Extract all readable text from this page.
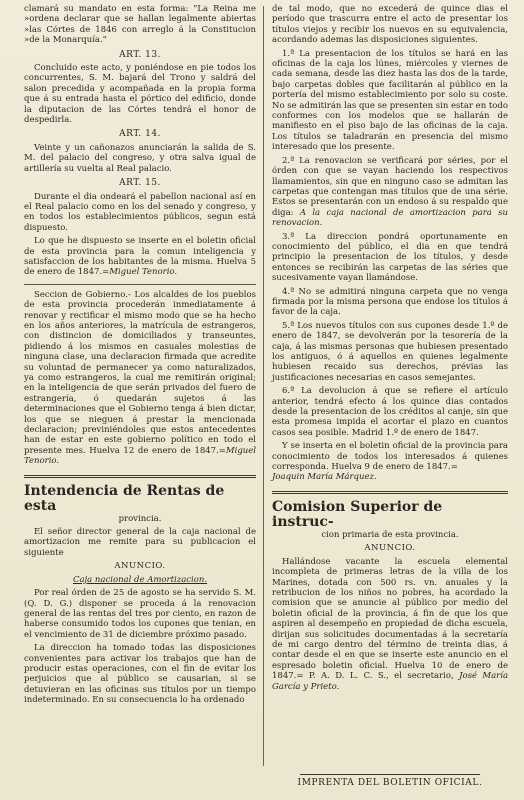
clamará su mandato en esta forma: "La Reina me »ordena declarar que se hallan legalmente abiertas »las Córtes de 1846 con arreglo á la Constitucion »de la Monarquía."

ART. 13.

Concluido este acto, y poniéndose en pie todos los concurrentes, S. M. bajará del Trono y saldrá del salon precedida y acompañada en la propia forma que á su entrada hasta el pórtico del edificio, donde la diputacion de las Córtes tendrá el honor de despedirla.

ART. 14.

Veinte y un cañonazos anunciarán la salida de S. M. del palacio del congreso, y otra salva igual de artillería su vuelta al Real palacio.

ART. 15.

Durante el dia ondeará el pabellon nacional así en el Real palacio como en los del senado y congreso, y en todos los establecimientos públicos, segun está dispuesto.

Lo que he dispuesto se inserte en el boletin oficial de esta provincia para la comun inteligencia y satisfaccion de los habitantes de la misma. Huelva 5 de enero de 1847.=Miguel Tenorio.

Seccion de Gobierno.- Los alcaldes de los pueblos de esta provincia procederán inmediatamente á renovar y rectificar el mismo modo que se ha hecho en los años anteriores, la matrícula de estrangeros, con distincion de domiciliados y transeuntes, pidiendo á los mismos en casuales molestias de ninguna clase, una declaracion firmada que acredite su voluntad de permanecer ya como naturalizados, ya como estrangeros, la cual me remitirán original; en la inteligencia de que serán privados del fuero de estrangería, ó quedarán sujetos á las determinaciones que el Gobierno tenga á bien dictar, los que se nieguen á prestar la mencionada declaracion; previniéndoles que estos antecedentes han de estar en este gobierno político en todo el presente mes. Huelva 12 de enero de 1847.=Miguel Tenorio.

Intendencia de Rentas de esta
provincia.

El señor director general de la caja nacional de amortizacion me remite para su publicacion el siguiente

ANUNCIO.
Caja nacional de Amortizacion.

Por real órden de 25 de agosto se ha servido S. M. (Q. D. G.) disponer se proceda á la renovacion general de las rentas del tres por ciento, en razon de haberse consumido todos los cupones que tenian, en el vencimiento de 31 de diciembre próximo pasado.

La direccion ha tomado todas las disposiciones convenientes para activar los trabajos que han de producir estas operaciones, con el fin de evitar los perjuicios que al público se causarian, si se detuvieran en las oficinas sus títulos por un tiempo indeterminado. En su consecuencia lo ha ordenado

de tal modo, que no excederá de quince dias el período que trascurra entre el acto de presentar los títulos viejos y recibir los nuevos en su equivalencia, acordando ademas las disposiciones siguientes.

1.ª La presentacion de los títulos se hará en las oficinas de la caja los lúnes, miércoles y viernes de cada semana, desde las diez hasta las dos de la tarde, bajo carpetas dobles que facilitarán al público en la portería del mismo establecimiento por solo su coste. No se admitirán las que se presenten sin estar en todo conformes con los modelos que se hallarán de manifiesto en el piso bajo de las oficinas de la caja. Los títulos se taladrarán en presencia del mismo interesado que los presente.

2.ª La renovacion se verificará por séries, por el órden con que se vayan haciendo los respectivos llamamientos, sin que en ninguno caso se admitan las carpetas que contengan mas títulos que de una série. Estos se presentarán con un endoso á su respaldo que diga: A la caja nacional de amortizacion para su renovacion.

3.ª La direccion pondrá oportunamente en conocimiento del público, el dia en que tendrá principio la presentacion de los títulos, y desde entonces se recibirán las carpetas de las séries que sucesivamente vayan llamándose.

4.ª No se admitirá ninguna carpeta que no venga firmada por la misma persona que endose los títulos á favor de la caja.

5.ª Los nuevos títulos con sus cupones desde 1.º de enero de 1847, se devolverán por la tesorería de la caja, á las mismas personas que hubiesen presentado los antiguos, ó á aquellos en quienes legalmente hubiesen recaido sus derechos, prévias las justificaciones necesarias en casos semejantes.

6.ª La devolucion á que se refiere el artículo anterior, tendrá efecto á los quince dias contados desde la presentacion de los créditos al canje, sin que esta promesa impida el acortar el plazo en cuantos casos sea posible. Madrid 1.º de enero de 1847.

Y se inserta en el boletin oficial de la provincia para conocimiento de todos los interesados á quienes corresponda. Huelva 9 de enero de 1847.=
Joaquin María Márquez.

Comision Superior de instruc-
cion primaria de esta provincia.
ANUNCIO.

Hallándose vacante la escuela elemental incompleta de primeras letras de la villa de los Marines, dotada con 500 rs. vn. anuales y la retribucion de los niños no pobres, ha acordado la comision que se anuncie al público por medio del boletin oficial de la provincia, á fin de que los que aspiren al desempeño en propiedad de dicha escuela, dirijan sus solicitudes documentadas á la secretaría de mi cargo dentro del término de treinta dias, á contar desde el en que se inserte este anuncio en el espresado boletin oficial. Huelva 10 de enero de 1847.= P. A. D. L. C. S., el secretario, José María García y Prieto.

IMPRENTA DEL BOLETIN OFICIAL.
